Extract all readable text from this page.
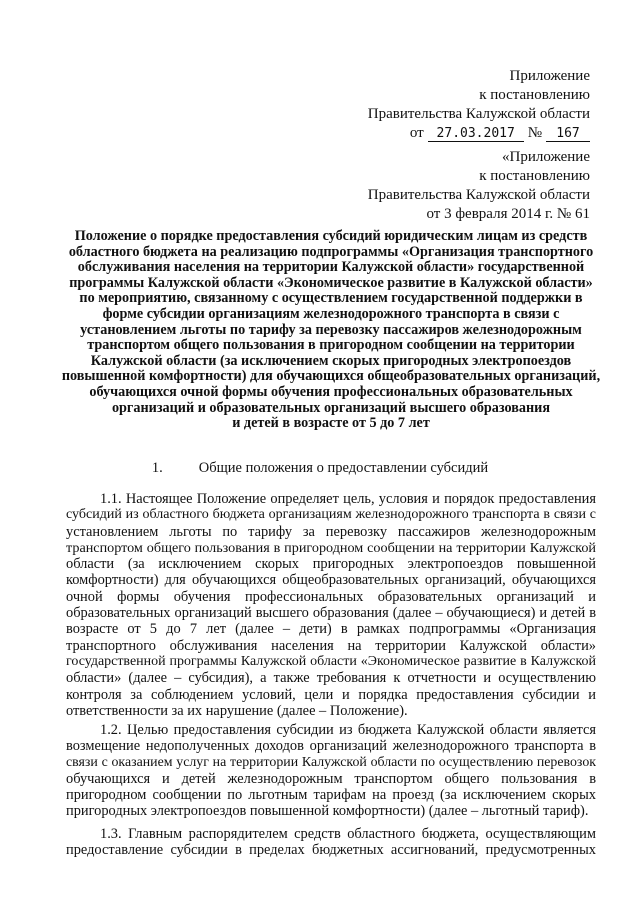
Приложение
к постановлению
Правительства Калужской области
от 27.03.2017 № 167
«Приложение
к постановлению
Правительства Калужской области
от 3 февраля 2014 г. № 61
Положение о порядке предоставления субсидий юридическим лицам из средств
областного бюджета на реализацию подпрограммы «Организация транспортного
обслуживания населения на территории Калужской области» государственной
программы Калужской области «Экономическое развитие в Калужской области»
по мероприятию, связанному с осуществлением государственной поддержки в
форме субсидии организациям железнодорожного транспорта в связи с
установлением льготы по тарифу за перевозку пассажиров железнодорожным
транспортом общего пользования в пригородном сообщении на территории
Калужской области (за исключением скорых пригородных электропоездов
повышенной комфортности) для обучающихся общеобразовательных организаций,
обучающихся очной формы обучения профессиональных образовательных
организаций и образовательных организаций высшего образования
и детей в возрасте от 5 до 7 лет
1. Общие положения о предоставлении субсидий
1.1. Настоящее Положение определяет цель, условия и порядок предоставления
субсидий из областного бюджета организациям железнодорожного транспорта в связи с
установлением льготы по тарифу за перевозку пассажиров железнодорожным
транспортом общего пользования в пригородном сообщении на территории Калужской
области (за исключением скорых пригородных электропоездов повышенной
комфортности) для обучающихся общеобразовательных организаций, обучающихся
очной формы обучения профессиональных образовательных организаций и
образовательных организаций высшего образования (далее – обучающиеся) и детей в
возрасте от 5 до 7 лет (далее – дети) в рамках подпрограммы «Организация
транспортного обслуживания населения на территории Калужской области»
государственной программы Калужской области «Экономическое развитие в Калужской
области» (далее – субсидия), а также требования к отчетности и осуществлению
контроля за соблюдением условий, цели и порядка предоставления субсидии и
ответственности за их нарушение (далее – Положение).
1.2. Целью предоставления субсидии из бюджета Калужской области является
возмещение недополученных доходов организаций железнодорожного транспорта в
связи с оказанием услуг на территории Калужской области по осуществлению перевозок
обучающихся и детей железнодорожным транспортом общего пользования в
пригородном сообщении по льготным тарифам на проезд (за исключением скорых
пригородных электропоездов повышенной комфортности) (далее – льготный тариф).
1.3. Главным распорядителем средств областного бюджета, осуществляющим
предоставление субсидии в пределах бюджетных ассигнований, предусмотренных
